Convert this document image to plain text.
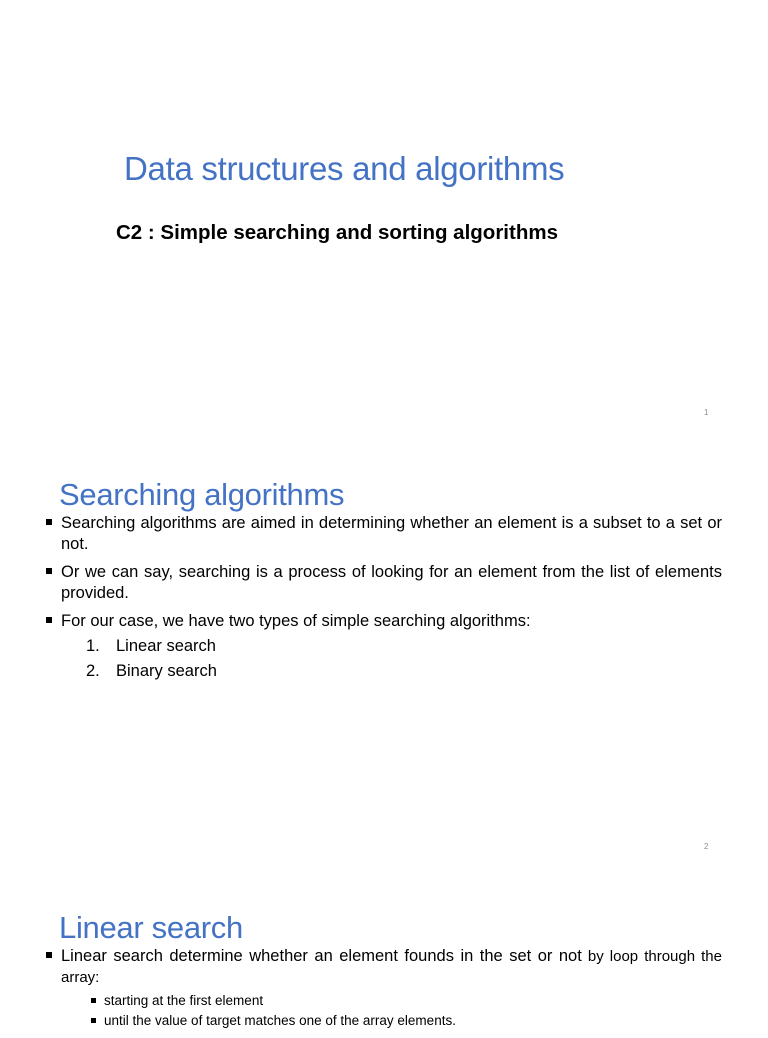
Data structures and algorithms
C2 : Simple searching and sorting algorithms
1
Searching algorithms
Searching algorithms are aimed in determining whether an element is a subset to a set or not.
Or we can say, searching is a process of looking for an element from the list of elements provided.
For our case, we have two types of simple searching algorithms:
1. Linear search
2. Binary search
2
Linear search
Linear search determine whether an element founds in the set or not by loop through the array:
starting at the first element
until the value of target matches one of the array elements.
